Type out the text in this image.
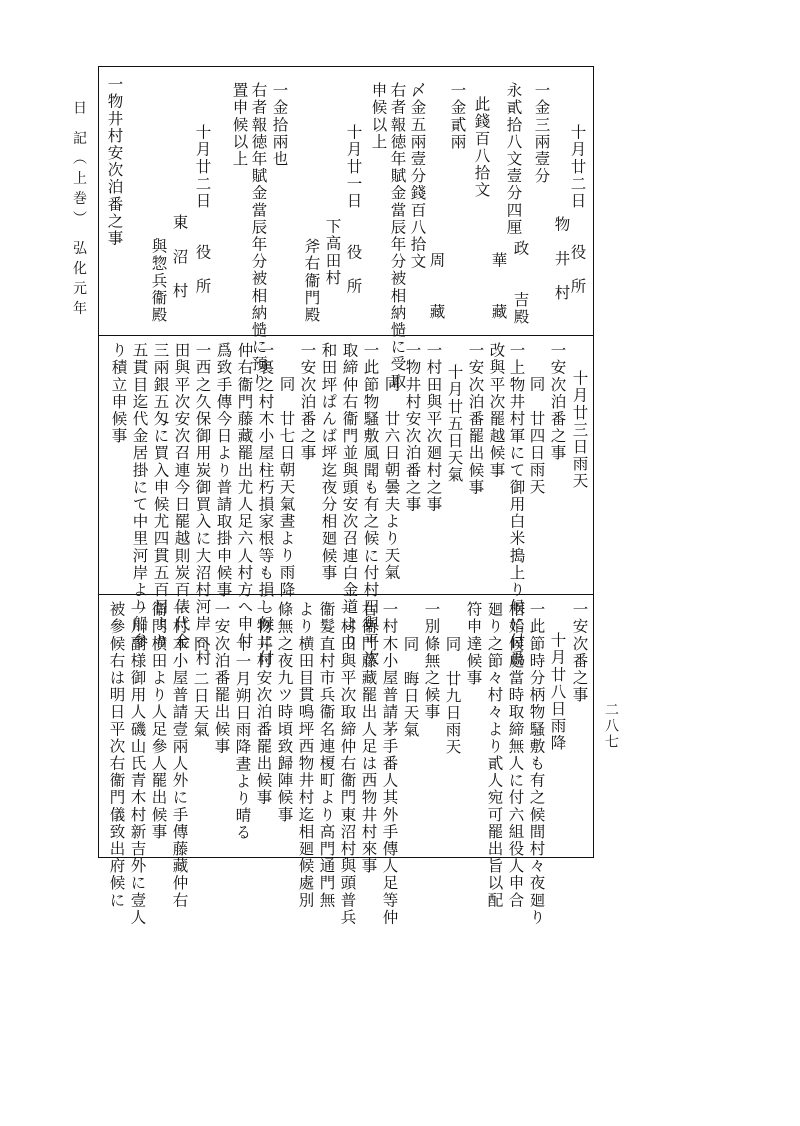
日 記（上巻） 弘化元年
二八七
十月廿二日　　役　所
物　井　村
政　　吉殿
一金三兩壹分
永貳拾八文壹分四厘
華　　藏
此錢百八拾文
一金貳兩
周　　藏
〆金五兩壹分錢百八拾文
右者報徳年賦金當辰年分被相納慥に受取
申候以上
十月廿一日　　役　所
下高田村
斧右衞門殿
一金拾兩也
右者報徳年賦金當辰年分被相納慥に預り
置申候以上
十月廿二日　　役　所
東　沼　村
與惣兵衞殿
一物井村安次泊番之事
十月廿三日雨天
一安次泊番之事
同　廿四日雨天
一上物井村軍にて御用白米搗上り候に付爲
改與平次罷越候事
一安次泊番罷出候事
十月廿五日天氣
一村田與平次廻村之事
一物井村安次泊番之事
同　廿六日朝曇夫より天氣
一此節物騷敷風聞も有之候に付村田與平次
取締仲右衞門並與頭安次召連白金道より
和田坪ぱんば坪迄夜分相廻候事
一安次泊番之事
同　廿七日朝天氣晝より雨降
一裏之村木小屋柱朽損家根等も損し候に付
仲右衞門藤藏罷出尤人足六人村方へ申付
爲致手傳今日より普請取掛申候事
一西之久保御用炭御買入に大沼村河岸へ村
田與平次安次召連今日罷越則炭百俵代金
三兩銀五匁に買入申候尤四貫五百目より
五貫目迄代金居掛にて中里河岸より船參
り積立申候事
一安次番之事
十月廿八日雨降
一此節時分柄物騷敷も有之候間村々夜廻り
相始候處當時取締無人に付六組役人申合
廻り之節々村々より貳人宛可罷出旨以配
符申達候事
同　廿九日雨天
一別條無之候事
同　晦日天氣
一村木小屋普請茅手番人其外手傳人足等仲
右衞門藤藏罷出人足は西物井村來事
一村田與平次取締仲右衞門東沼村與頭普兵
衞髮直村市兵衞名連榎町より高門通門無
より横田目貫鳴坪西物井村迄相廻候處別
條無之夜九ツ時頃致歸陣候事
一物井村安次泊番罷出候事
十一月朔日雨降晝より晴る
一安次泊番罷出候事
同　二日天氣
一村木小屋普請壹兩人外に手傳藤藏仲右
衞門横田より人足參人罷出候事
一川副様御用人磯山氏青木村新吉外に壹人
被參候右は明日平次右衞門儀致出府候に
